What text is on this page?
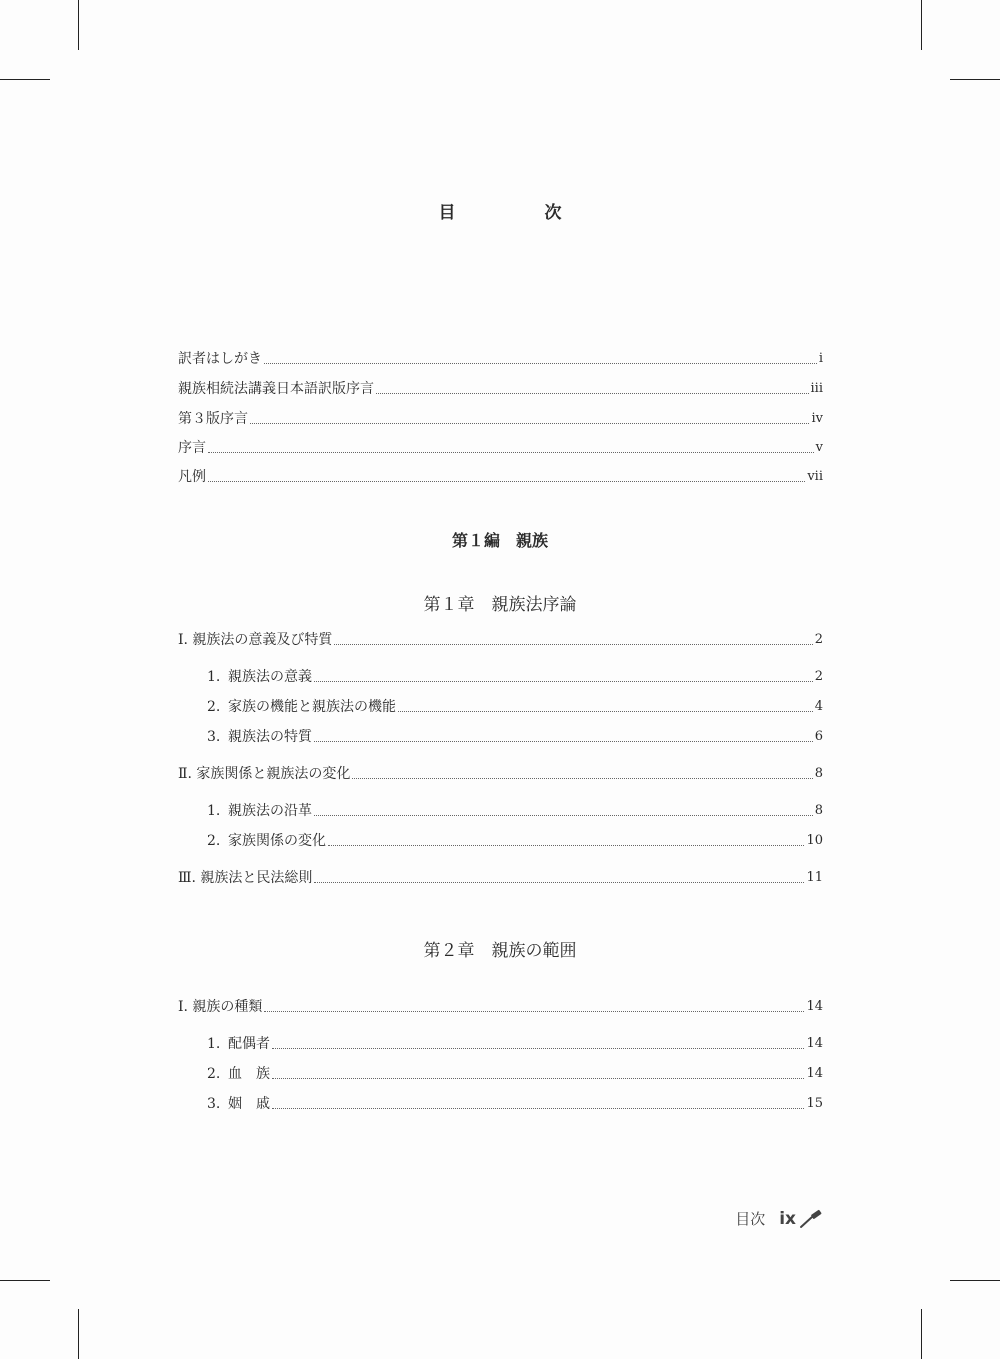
目　次
訳者はしがき	i
親族相続法講義日本語訳版序言	iii
第３版序言	iv
序言	v
凡例	vii
第１編　親族
第１章　親族法序論
Ⅰ. 親族法の意義及び特質	2
1. 親族法の意義	2
2. 家族の機能と親族法の機能	4
3. 親族法の特質	6
Ⅱ. 家族関係と親族法の変化	8
1. 親族法の沿革	8
2. 家族関係の変化	10
Ⅲ. 親族法と民法総則	11
第２章　親族の範囲
Ⅰ. 親族の種類	14
1. 配偶者	14
2. 血　族	14
3. 姻　戚	15
目次 ix
